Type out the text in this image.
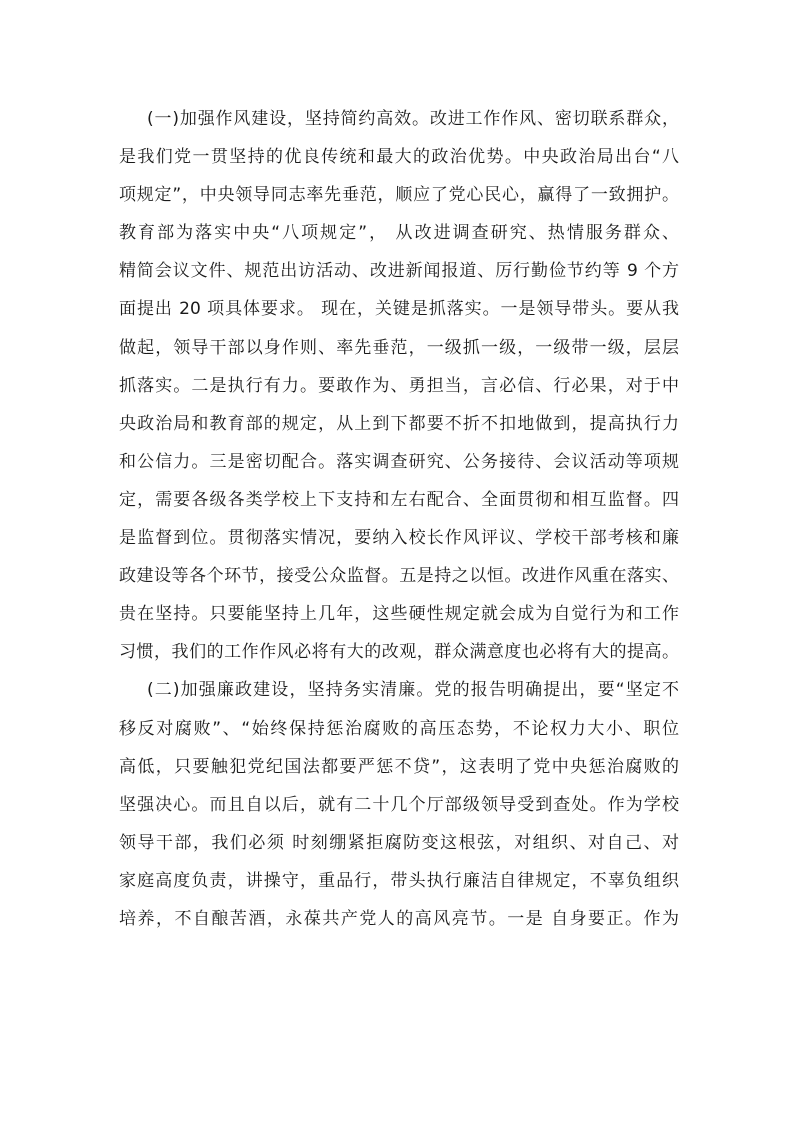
(一)加强作风建设，坚持简约高效。改进工作作风、密切联系群众，
是我们党一贯坚持的优良传统和最大的政治优势。中央政治局出台“八
项规定”，中央领导同志率先垂范，顺应了党心民心，赢得了一致拥护。
教育部为落实中央“八项规定”， 从改进调查研究、热情服务群众、
精简会议文件、规范出访活动、改进新闻报道、厉行勤俭节约等 9 个方
面提出 20 项具体要求。 现在，关键是抓落实。一是领导带头。要从我
做起，领导干部以身作则、率先垂范，一级抓一级，一级带一级，层层
抓落实。二是执行有力。要敢作为、勇担当，言必信、行必果，对于中
央政治局和教育部的规定，从上到下都要不折不扣地做到，提高执行力
和公信力。三是密切配合。落实调查研究、公务接待、会议活动等项规
定，需要各级各类学校上下支持和左右配合、全面贯彻和相互监督。四
是监督到位。贯彻落实情况，要纳入校长作风评议、学校干部考核和廉
政建设等各个环节，接受公众监督。五是持之以恒。改进作风重在落实、
贵在坚持。只要能坚持上几年，这些硬性规定就会成为自觉行为和工作
习惯，我们的工作作风必将有大的改观，群众满意度也必将有大的提高。
(二)加强廉政建设，坚持务实清廉。党的报告明确提出，要“坚定不
移反对腐败”、“始终保持惩治腐败的高压态势，不论权力大小、职位
高低，只要触犯党纪国法都要严惩不贷”，这表明了党中央惩治腐败的
坚强决心。而且自以后，就有二十几个厅部级领导受到查处。作为学校
领导干部，我们必须 时刻绷紧拒腐防变这根弦，对组织、对自己、对
家庭高度负责，讲操守，重品行，带头执行廉洁自律规定，不辜负组织
培养，不自酿苦酒，永葆共产党人的高风亮节。一是 自身要正。作为
